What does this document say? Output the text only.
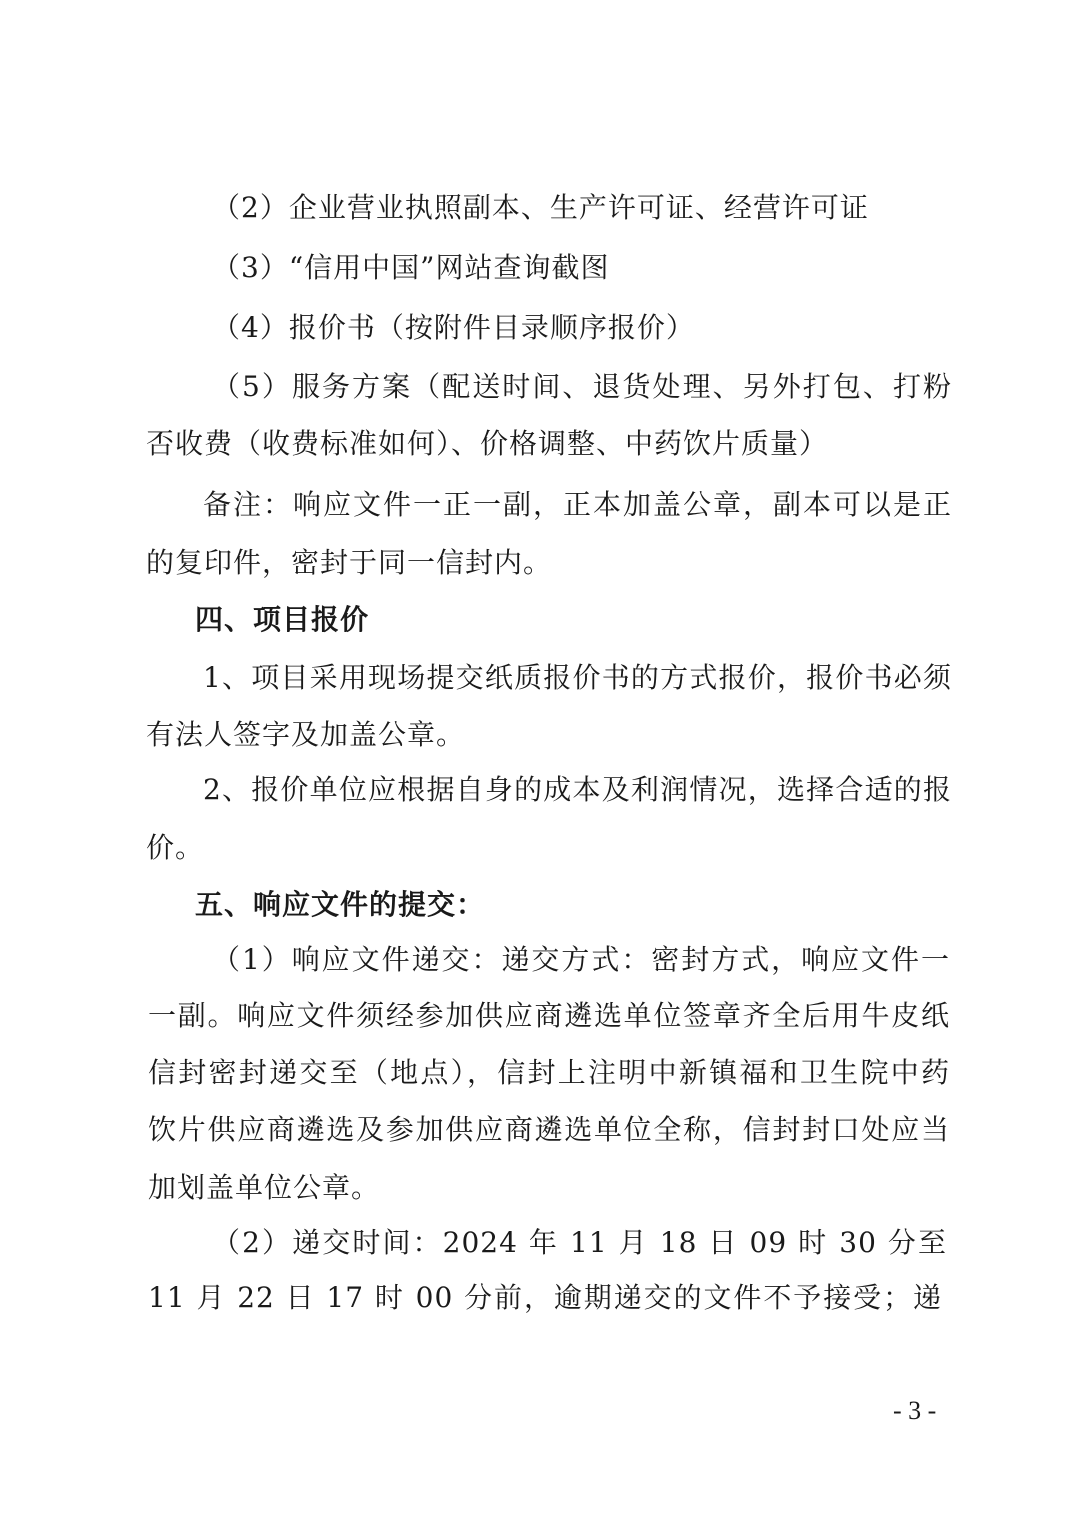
（2）企业营业执照副本、生产许可证、经营许可证
（3）“信用中国”网站查询截图
（4）报价书（按附件目录顺序报价）
（5）服务方案（配送时间、退货处理、另外打包、打粉
否收费（收费标准如何）、价格调整、中药饮片质量）
备注：响应文件一正一副，正本加盖公章，副本可以是正
的复印件，密封于同一信封内。
四、项目报价
1、项目采用现场提交纸质报价书的方式报价，报价书必须
有法人签字及加盖公章。
2、报价单位应根据自身的成本及利润情况，选择合适的报
价。
五、响应文件的提交：
（1）响应文件递交：递交方式：密封方式，响应文件一
一副。响应文件须经参加供应商遴选单位签章齐全后用牛皮纸
信封密封递交至（地点），信封上注明中新镇福和卫生院中药
饮片供应商遴选及参加供应商遴选单位全称，信封封口处应当
加划盖单位公章。
（2）递交时间：2024 年 11 月 18 日 09 时 30 分至
11 月 22 日 17 时 00 分前，逾期递交的文件不予接受；递
- 3 -
